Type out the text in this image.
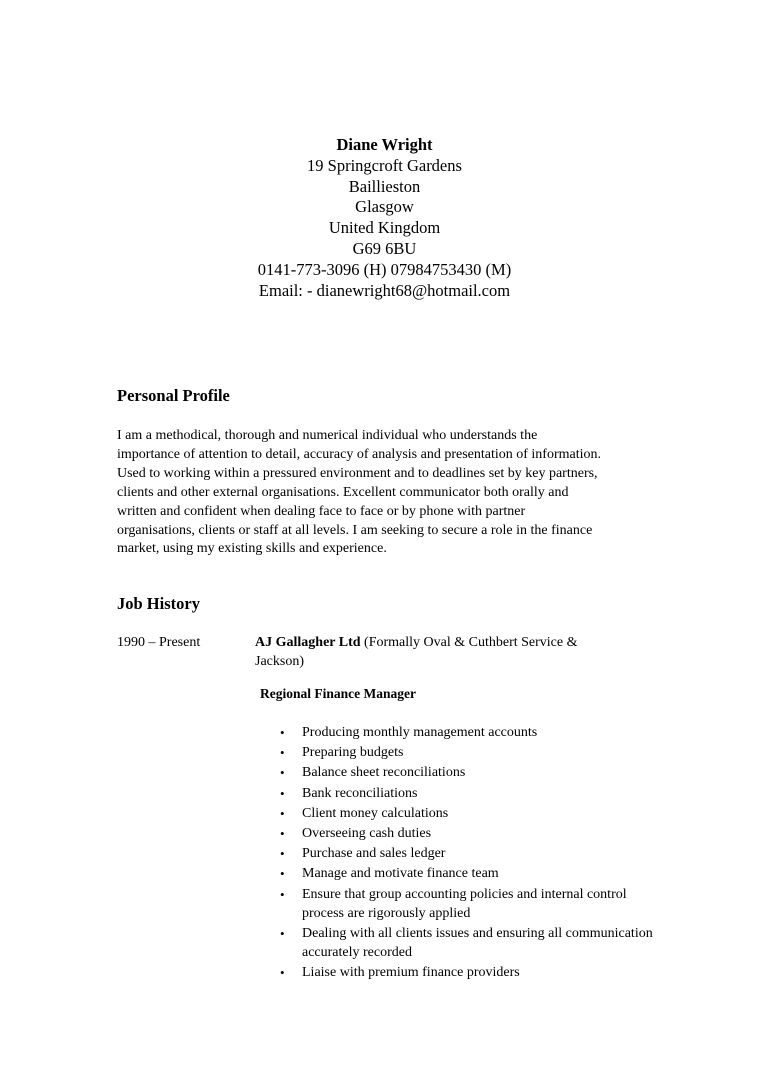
Diane Wright
19 Springcroft Gardens
Baillieston
Glasgow
United Kingdom
G69 6BU
0141-773-3096 (H) 07984753430 (M)
Email: - dianewright68@hotmail.com
Personal Profile
I am a methodical, thorough and numerical individual who understands the
importance of attention to detail, accuracy of analysis and presentation of information.
Used to working within a pressured environment and to deadlines set by key partners,
clients and other external organisations. Excellent communicator both orally and
written and confident when dealing face to face or by phone with partner
organisations, clients or staff at all levels. I am seeking to secure a role in the finance
market, using my existing skills and experience.
Job History
1990 – Present	AJ Gallagher Ltd (Formally Oval & Cuthbert Service &
Jackson)
Regional Finance Manager
• Producing monthly management accounts
• Preparing budgets
• Balance sheet reconciliations
• Bank reconciliations
• Client money calculations
• Overseeing cash duties
• Purchase and sales ledger
• Manage and motivate finance team
• Ensure that group accounting policies and internal control process are rigorously applied
• Dealing with all clients issues and ensuring all communication accurately recorded
• Liaise with premium finance providers
